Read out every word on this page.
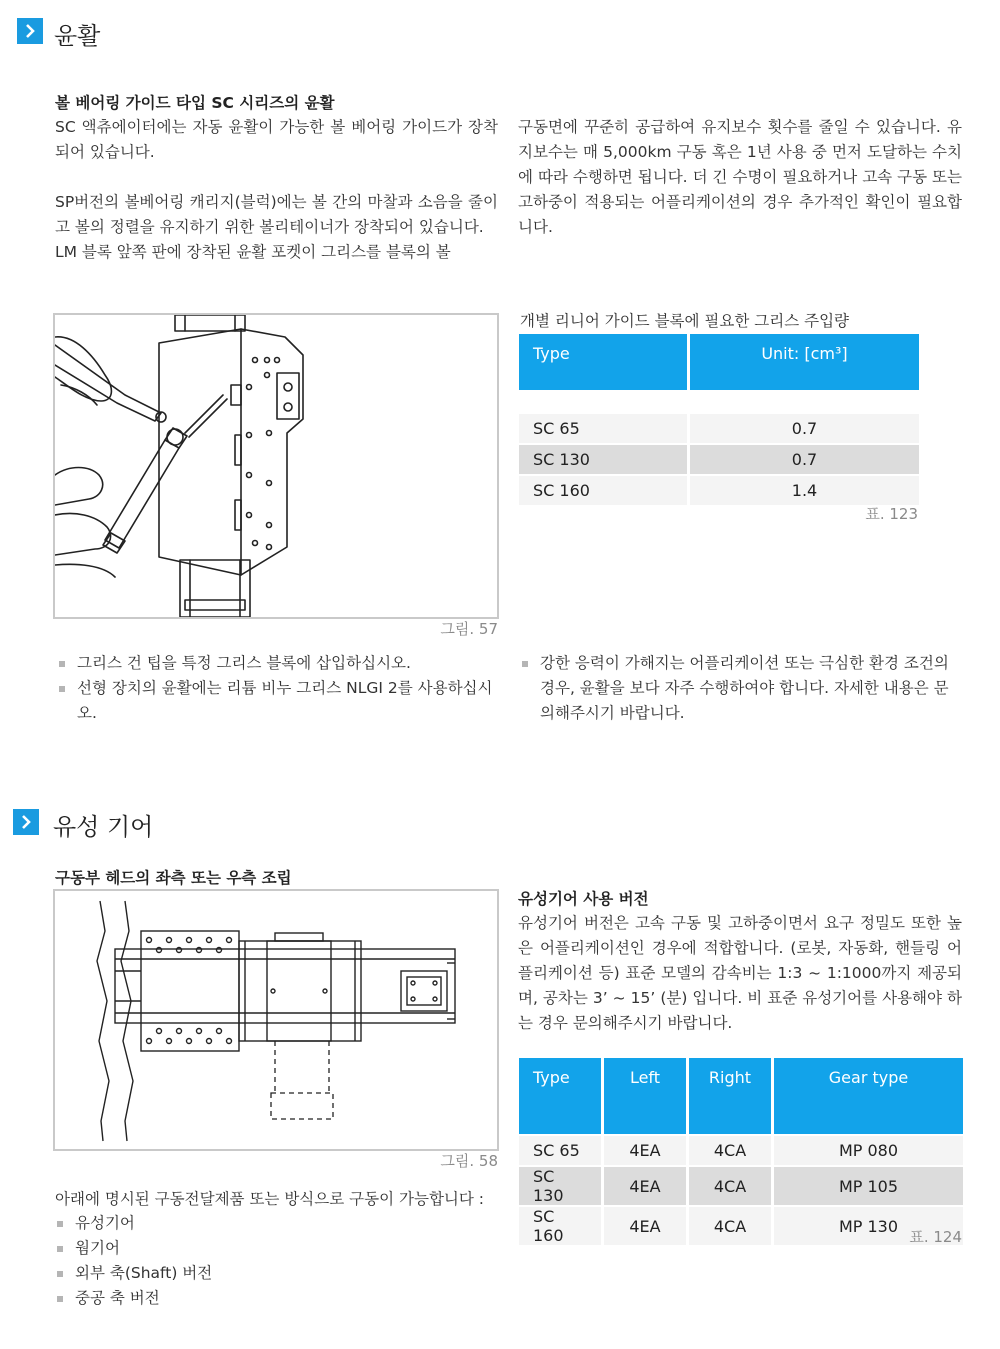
윤활
볼 베어링 가이드 타입 SC 시리즈의 윤활

SC 액츄에이터에는 자동 윤활이 가능한 볼 베어링 가이드가 장착되어 있습니다.

SP버전의 볼베어링 캐리지(블럭)에는 볼 간의 마찰과 소음을 줄이고 볼의 정렬을 유지하기 위한 볼리테이너가 장착되어 있습니다.

LM 블록 앞쪽 판에 장착된 윤활 포켓이 그리스를 블록의 볼

구동면에 꾸준히 공급하여 유지보수 횟수를 줄일 수 있습니다. 유지보수는 매 5,000km 구동 혹은 1년 사용 중 먼저 도달하는 수치에 따라 수행하면 됩니다. 더 긴 수명이 필요하거나 고속 구동 또는 고하중이 적용되는 어플리케이션의 경우 추가적인 확인이 필요합니다.
그림. 57
개별 리니어 가이드 블록에 필요한 그리스 주입량
Type	Unit: [cm³]

SC 65	0.7
SC 130	0.7
SC 160	1.4
표. 123
그리스 건 팁을 특정 그리스 블록에 삽입하십시오.
선형 장치의 윤활에는 리튬 비누 그리스 NLGI 2를 사용하십시오.
강한 응력이 가해지는 어플리케이션 또는 극심한 환경 조건의 경우, 윤활을 보다 자주 수행하여야 합니다. 자세한 내용은 문의해주시기 바랍니다.
유성 기어
구동부 헤드의 좌측 또는 우측 조립
그림. 58
유성기어 사용 버전
유성기어 버전은 고속 구동 및 고하중이면서 요구 정밀도 또한 높은 어플리케이션인 경우에 적합합니다. (로봇, 자동화, 핸들링 어플리케이션 등) 표준 모델의 감속비는 1:3 ~ 1:1000까지 제공되며, 공차는 3’ ~ 15’ (분) 입니다. 비 표준 유성기어를 사용해야 하는 경우 문의해주시기 바랍니다.
Type	Left	Right	Gear type
SC 65	4EA	4CA	MP 080
SC 130	4EA	4CA	MP 105
SC 160	4EA	4CA	MP 130
표. 124
아래에 명시된 구동전달제품 또는 방식으로 구동이 가능합니다 :
유성기어
웜기어
외부 축(Shaft) 버전
중공 축 버전
